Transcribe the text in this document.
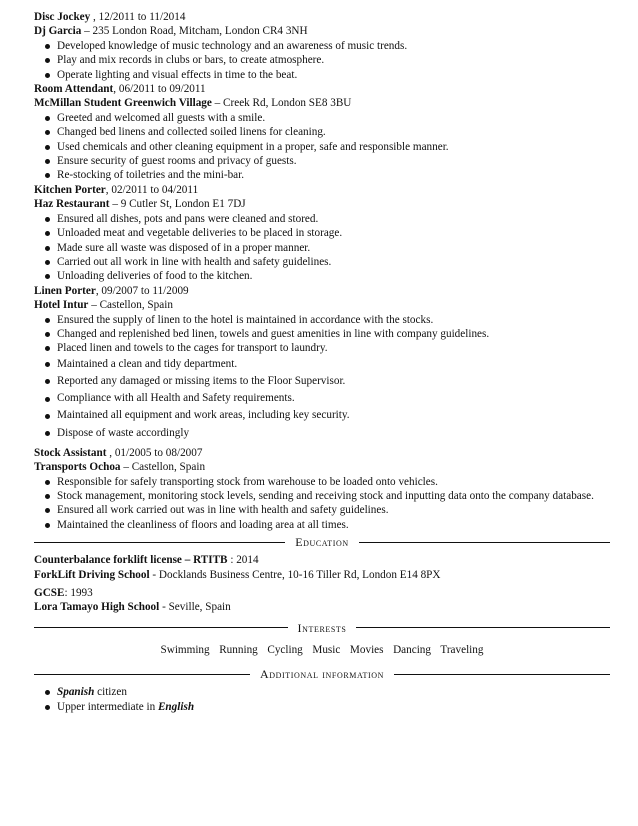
Disc Jockey , 12/2011 to 11/2014
Dj Garcia – 235 London Road, Mitcham, London CR4 3NH
Developed knowledge of music technology and an awareness of music trends.
Play and mix records in clubs or bars, to create atmosphere.
Operate lighting and visual effects in time to the beat.
Room Attendant, 06/2011 to 09/2011
McMillan Student Greenwich Village – Creek Rd, London SE8 3BU
Greeted and welcomed all guests with a smile.
Changed bed linens and collected soiled linens for cleaning.
Used chemicals and other cleaning equipment in a proper, safe and responsible manner.
Ensure security of guest rooms and privacy of guests.
Re-stocking of toiletries and the mini-bar.
Kitchen Porter, 02/2011 to 04/2011
Haz Restaurant – 9 Cutler St, London E1 7DJ
Ensured all dishes, pots and pans were cleaned and stored.
Unloaded meat and vegetable deliveries to be placed in storage.
Made sure all waste was disposed of in a proper manner.
Carried out all work in line with health and safety guidelines.
Unloading deliveries of food to the kitchen.
Linen Porter, 09/2007 to 11/2009
Hotel Intur – Castellon, Spain
Ensured the supply of linen to the hotel is maintained in accordance with the stocks.
Changed and replenished bed linen, towels and guest amenities in line with company guidelines.
Placed linen and towels to the cages for transport to laundry.
Maintained a clean and tidy department.
Reported any damaged or missing items to the Floor Supervisor.
Compliance with all Health and Safety requirements.
Maintained all equipment and work areas, including key security.
Dispose of waste accordingly
Stock Assistant , 01/2005 to 08/2007
Transports Ochoa – Castellon, Spain
Responsible for safely transporting stock from warehouse to be loaded onto vehicles.
Stock management, monitoring stock levels, sending and receiving stock and inputting data onto the company database.
Ensured all work carried out was in line with health and safety guidelines.
Maintained the cleanliness of floors and loading area at all times.
Education
Counterbalance forklift license – RTITB : 2014
ForkLift Driving School - Docklands Business Centre, 10-16 Tiller Rd, London E14 8PX
GCSE: 1993
Lora Tamayo High School - Seville, Spain
Interests
Swimming  Running  Cycling  Music  Movies  Dancing  Traveling
Additional information
Spanish citizen
Upper intermediate in English
